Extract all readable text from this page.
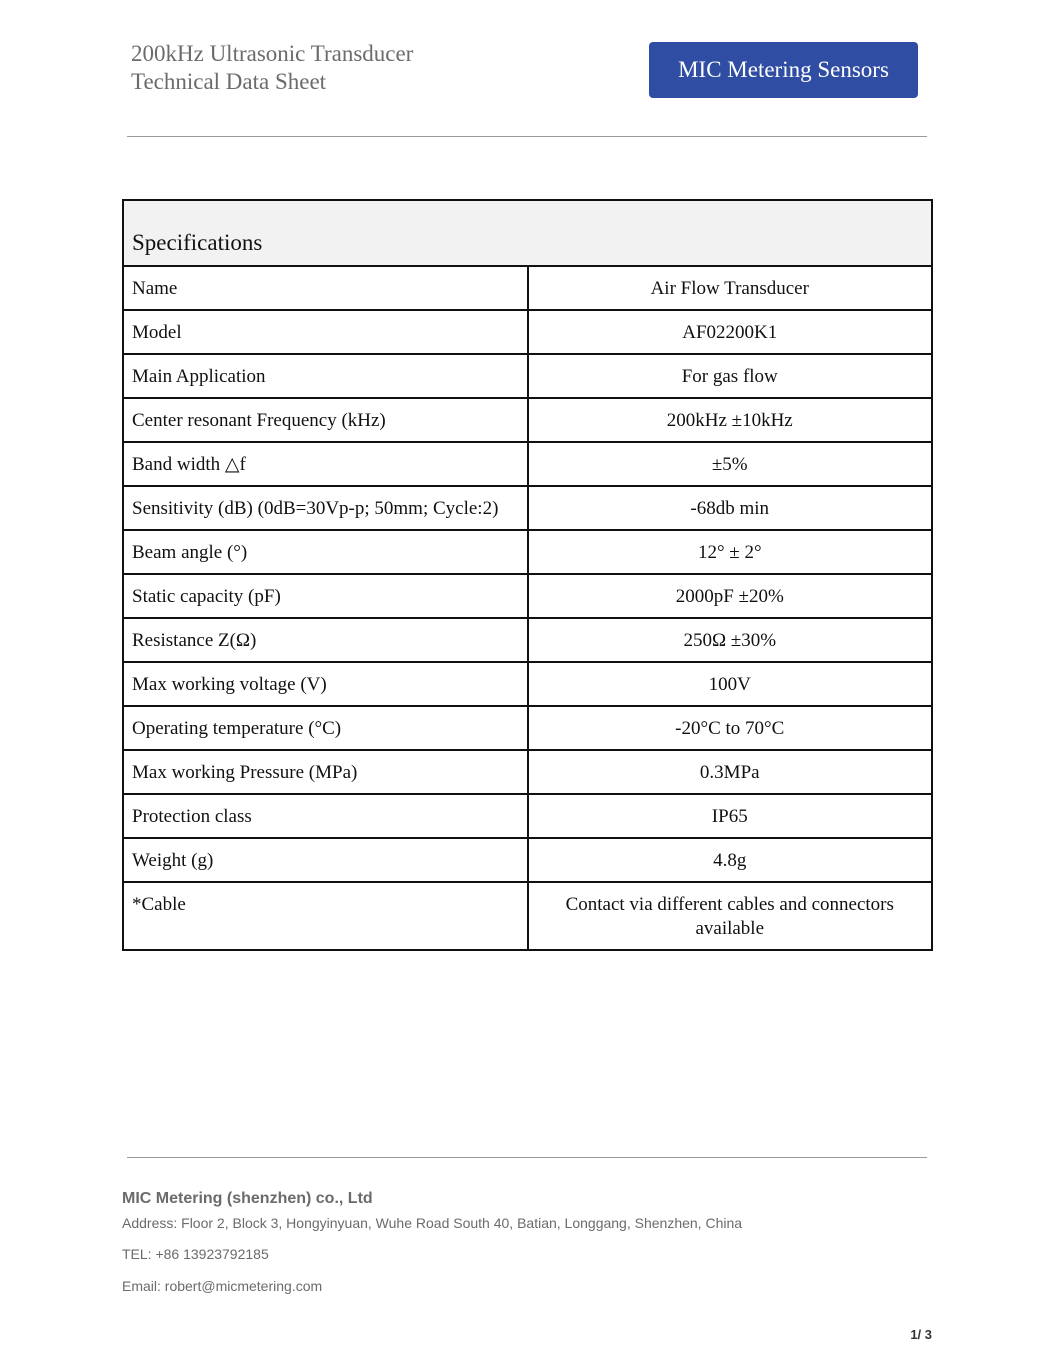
200kHz Ultrasonic Transducer
Technical Data Sheet	MIC Metering Sensors
Specifications	
Name	Air Flow Transducer
Model	AF02200K1
Main Application	For gas flow
Center resonant Frequency (kHz)	200kHz ±10kHz
Band width △f	±5%
Sensitivity (dB) (0dB=30Vp-p; 50mm; Cycle:2)	-68db min
Beam angle (°)	12° ± 2°
Static capacity (pF)	2000pF ±20%
Resistance Z(Ω)	250Ω ±30%
Max working voltage (V)	100V
Operating temperature (°C)	-20°C to 70°C
Max working Pressure (MPa)	0.3MPa
Protection class	IP65
Weight (g)	4.8g
*Cable	Contact via different cables and connectors available
MIC Metering (shenzhen) co., Ltd
Address: Floor 2, Block 3, Hongyinyuan, Wuhe Road South 40, Batian, Longgang, Shenzhen, China
TEL: +86 13923792185
Email: robert@micmetering.com
1/ 3
